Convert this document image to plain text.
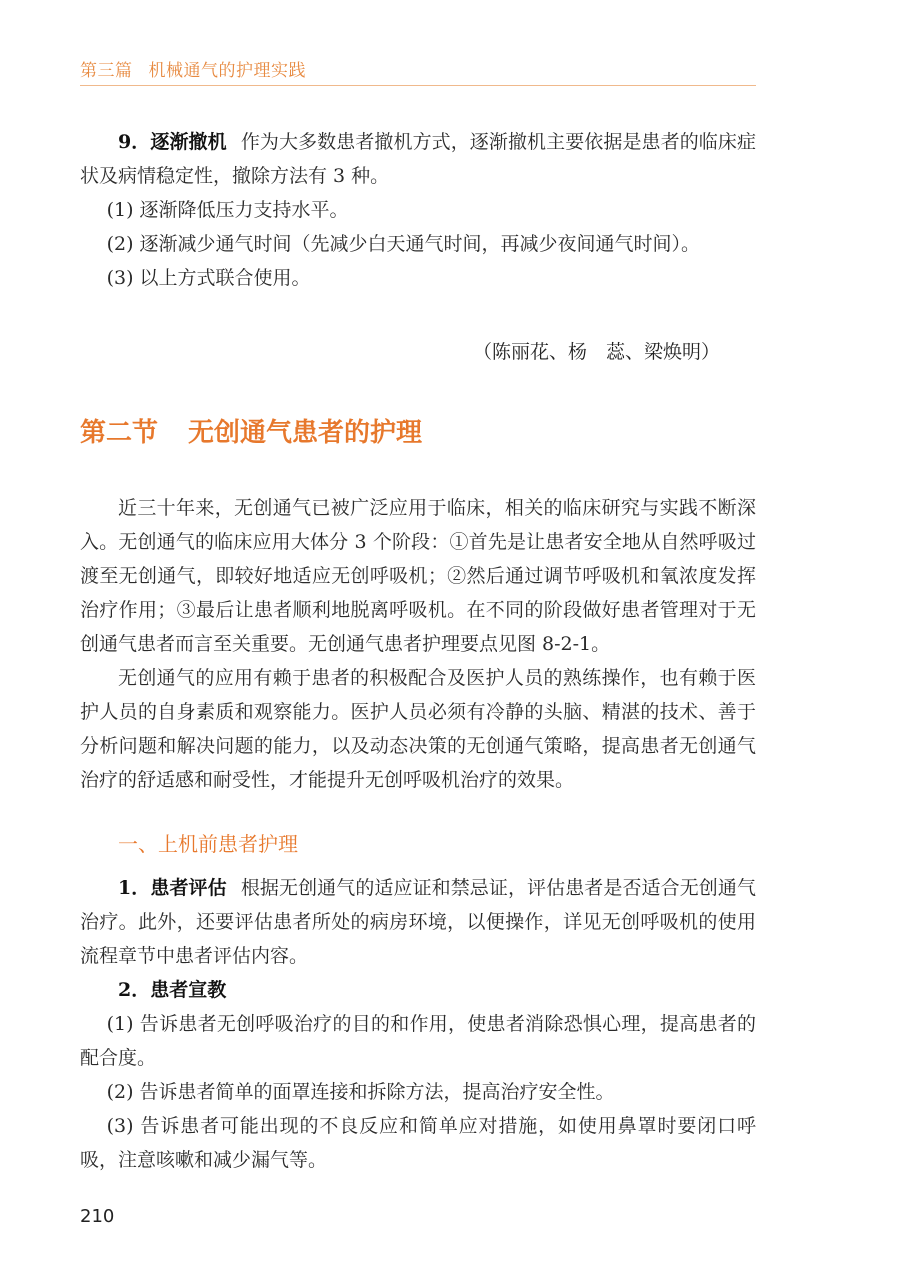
第三篇 机械通气的护理实践

9．逐渐撤机 作为大多数患者撤机方式，逐渐撤机主要依据是患者的临床症状及病情稳定性，撤除方法有 3 种。

(1) 逐渐降低压力支持水平。

(2) 逐渐减少通气时间（先减少白天通气时间，再减少夜间通气时间）。

(3) 以上方式联合使用。

（陈丽花、杨　蕊、梁焕明）
第二节 无创通气患者的护理

近三十年来，无创通气已被广泛应用于临床，相关的临床研究与实践不断深入。无创通气的临床应用大体分 3 个阶段：①首先是让患者安全地从自然呼吸过渡至无创通气，即较好地适应无创呼吸机；②然后通过调节呼吸机和氧浓度发挥治疗作用；③最后让患者顺利地脱离呼吸机。在不同的阶段做好患者管理对于无创通气患者而言至关重要。无创通气患者护理要点见图 8-2-1。

无创通气的应用有赖于患者的积极配合及医护人员的熟练操作，也有赖于医护人员的自身素质和观察能力。医护人员必须有冷静的头脑、精湛的技术、善于分析问题和解决问题的能力，以及动态决策的无创通气策略，提高患者无创通气治疗的舒适感和耐受性，才能提升无创呼吸机治疗的效果。

一、上机前患者护理

1．患者评估 根据无创通气的适应证和禁忌证，评估患者是否适合无创通气治疗。此外，还要评估患者所处的病房环境，以便操作，详见无创呼吸机的使用流程章节中患者评估内容。

2．患者宣教

(1) 告诉患者无创呼吸治疗的目的和作用，使患者消除恐惧心理，提高患者的配合度。

(2) 告诉患者简单的面罩连接和拆除方法，提高治疗安全性。

(3) 告诉患者可能出现的不良反应和简单应对措施，如使用鼻罩时要闭口呼吸，注意咳嗽和减少漏气等。

210
